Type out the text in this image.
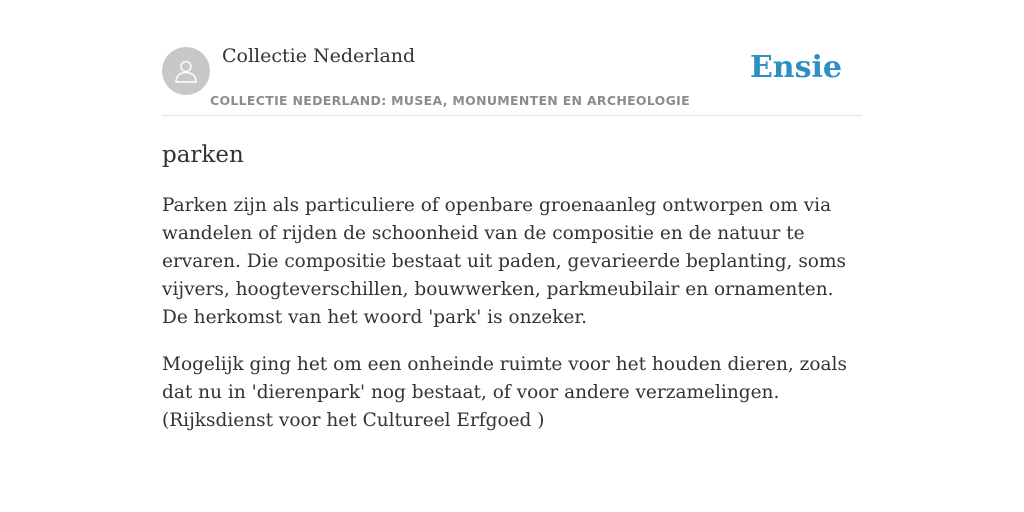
Collectie Nederland
COLLECTIE NEDERLAND: MUSEA, MONUMENTEN EN ARCHEOLOGIE
Ensie
parken

Parken zijn als particuliere of openbare groenaanleg ontworpen om via wandelen of rijden de schoonheid van de compositie en de natuur te ervaren. Die compositie bestaat uit paden, gevarieerde beplanting, soms vijvers, hoogteverschillen, bouwwerken, parkmeubilair en ornamenten. De herkomst van het woord 'park' is onzeker.

Mogelijk ging het om een onheinde ruimte voor het houden dieren, zoals dat nu in 'dierenpark' nog bestaat, of voor andere verzamelingen. (Rijksdienst voor het Cultureel Erfgoed )
